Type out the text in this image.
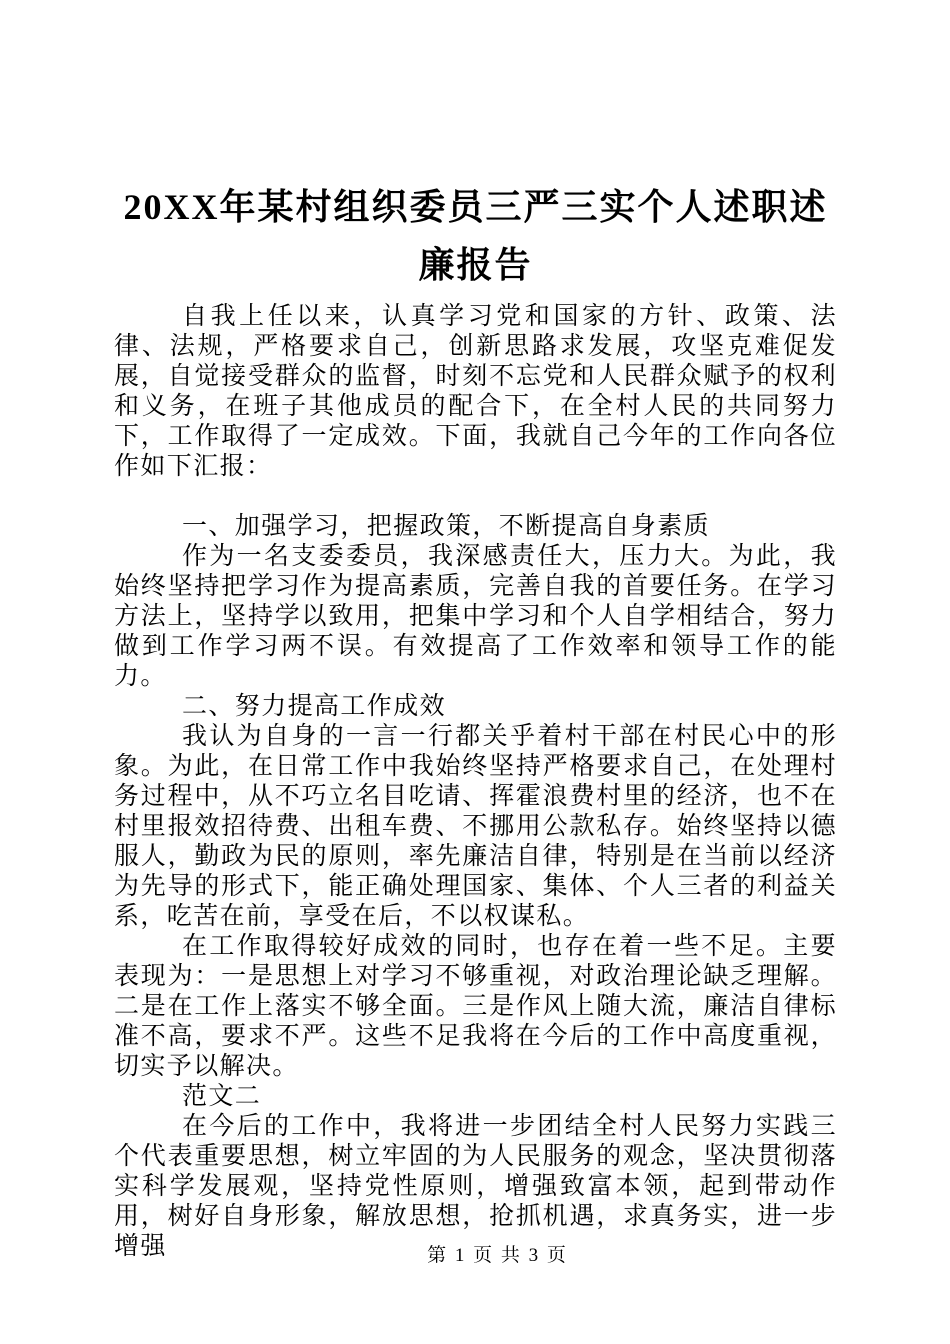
20XX年某村组织委员三严三实个人述职述廉报告

自我上任以来，认真学习党和国家的方针、政策、法律、法规，严格要求自己，创新思路求发展，攻坚克难促发展，自觉接受群众的监督，时刻不忘党和人民群众赋予的权利和义务，在班子其他成员的配合下，在全村人民的共同努力下，工作取得了一定成效。下面，我就自己今年的工作向各位作如下汇报：

一、加强学习，把握政策，不断提高自身素质

作为一名支委委员，我深感责任大，压力大。为此，我始终坚持把学习作为提高素质，完善自我的首要任务。在学习方法上，坚持学以致用，把集中学习和个人自学相结合，努力做到工作学习两不误。有效提高了工作效率和领导工作的能力。

二、努力提高工作成效

我认为自身的一言一行都关乎着村干部在村民心中的形象。为此，在日常工作中我始终坚持严格要求自己，在处理村务过程中，从不巧立名目吃请、挥霍浪费村里的经济，也不在村里报效招待费、出租车费、不挪用公款私存。始终坚持以德服人，勤政为民的原则，率先廉洁自律，特别是在当前以经济为先导的形式下，能正确处理国家、集体、个人三者的利益关系，吃苦在前，享受在后，不以权谋私。

在工作取得较好成效的同时，也存在着一些不足。主要表现为：一是思想上对学习不够重视，对政治理论缺乏理解。二是在工作上落实不够全面。三是作风上随大流，廉洁自律标准不高，要求不严。这些不足我将在今后的工作中高度重视，切实予以解决。

范文二

在今后的工作中，我将进一步团结全村人民努力实践三个代表重要思想，树立牢固的为人民服务的观念，坚决贯彻落实科学发展观，坚持党性原则，增强致富本领，起到带动作用，树好自身形象，解放思想，抢抓机遇，求真务实，进一步增强	第 1 页 共 3 页
